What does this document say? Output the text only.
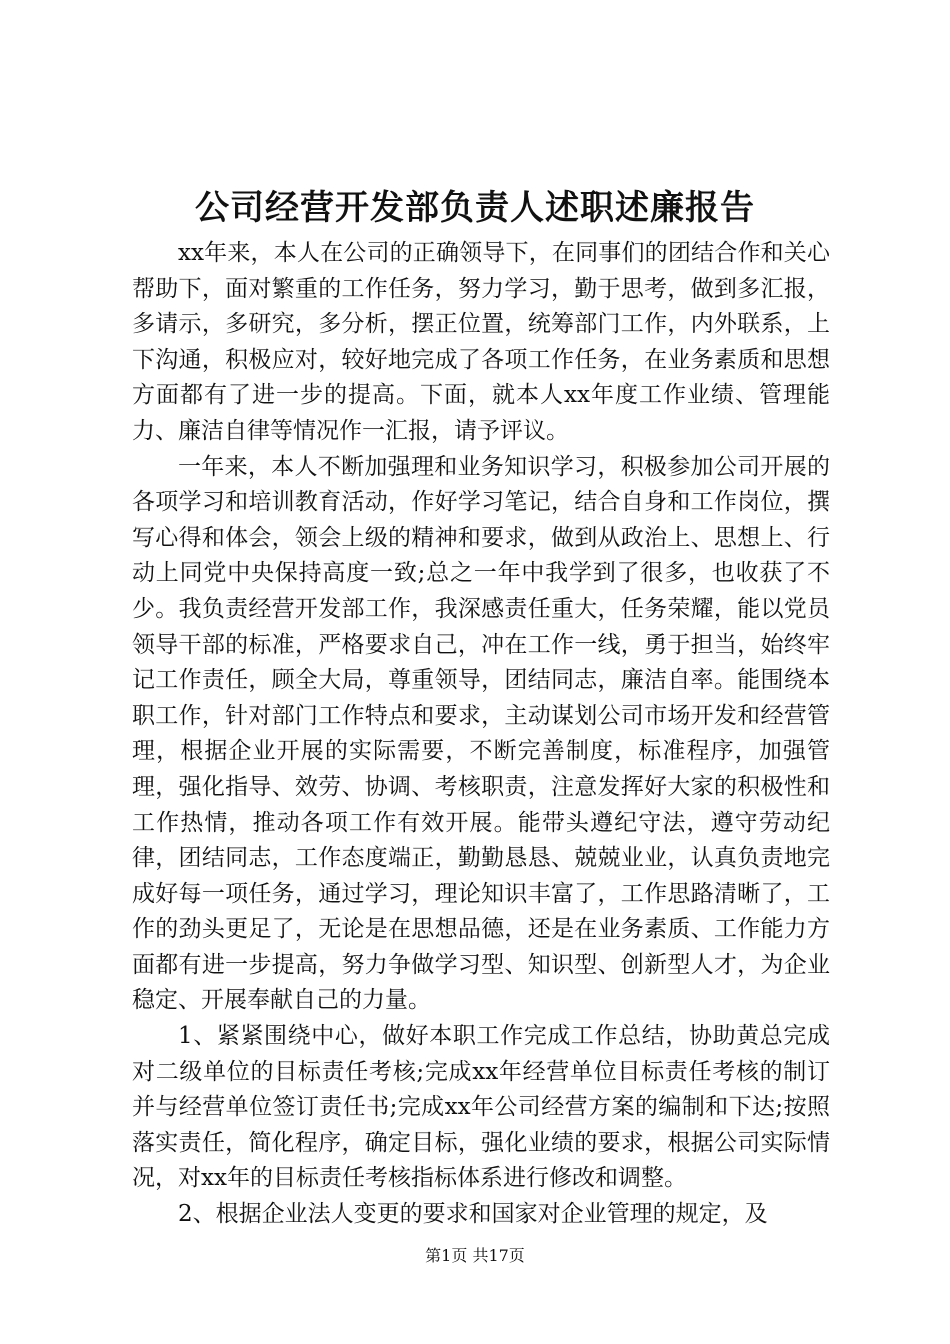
公司经营开发部负责人述职述廉报告

xx年来，本人在公司的正确领导下，在同事们的团结合作和关心帮助下，面对繁重的工作任务，努力学习，勤于思考，做到多汇报，多请示，多研究，多分析，摆正位置，统筹部门工作，内外联系，上下沟通，积极应对，较好地完成了各项工作任务，在业务素质和思想方面都有了进一步的提高。下面，就本人xx年度工作业绩、管理能力、廉洁自律等情况作一汇报，请予评议。

一年来，本人不断加强理和业务知识学习，积极参加公司开展的各项学习和培训教育活动，作好学习笔记，结合自身和工作岗位，撰写心得和体会，领会上级的精神和要求，做到从政治上、思想上、行动上同党中央保持高度一致;总之一年中我学到了很多，也收获了不少。我负责经营开发部工作，我深感责任重大，任务荣耀，能以党员领导干部的标准，严格要求自己，冲在工作一线，勇于担当，始终牢记工作责任，顾全大局，尊重领导，团结同志，廉洁自率。能围绕本职工作，针对部门工作特点和要求，主动谋划公司市场开发和经营管理，根据企业开展的实际需要，不断完善制度，标准程序，加强管理，强化指导、效劳、协调、考核职责，注意发挥好大家的积极性和工作热情，推动各项工作有效开展。能带头遵纪守法，遵守劳动纪律，团结同志，工作态度端正，勤勤恳恳、兢兢业业，认真负责地完成好每一项任务，通过学习，理论知识丰富了，工作思路清晰了，工作的劲头更足了，无论是在思想品德，还是在业务素质、工作能力方面都有进一步提高，努力争做学习型、知识型、创新型人才，为企业稳定、开展奉献自己的力量。

1、紧紧围绕中心，做好本职工作完成工作总结，协助黄总完成对二级单位的目标责任考核;完成xx年经营单位目标责任考核的制订并与经营单位签订责任书;完成xx年公司经营方案的编制和下达;按照落实责任，简化程序，确定目标，强化业绩的要求，根据公司实际情况，对xx年的目标责任考核指标体系进行修改和调整。

2、根据企业法人变更的要求和国家对企业管理的规定，及

第1页 共17页
